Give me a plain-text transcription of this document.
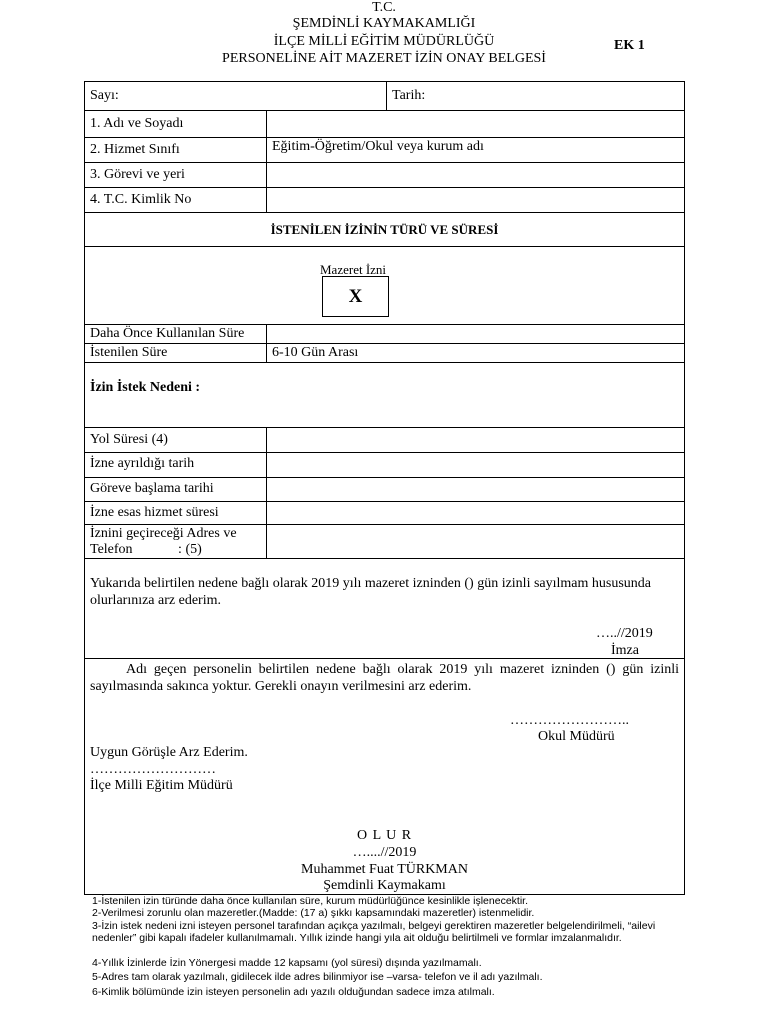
T.C.
ŞEMDİNLİ KAYMAKAMLIĞI
İLÇE MİLLİ EĞİTİM MÜDÜRLÜĞÜ
PERSONELİNE AİT MAZERET İZİN ONAY BELGESİ
EK 1
Sayı:	Tarih:
1. Adı ve Soyadı
2. Hizmet Sınıfı	Eğitim-Öğretim/Okul veya kurum adı
3. Görevi ve yeri
4. T.C. Kimlik No
İSTENİLEN İZİNİN TÜRÜ VE SÜRESİ
Mazeret İzni
X
Daha Önce Kullanılan Süre
İstenilen Süre	6-10 Gün Arası
İzin İstek Nedeni :
Yol Süresi (4)
İzne ayrıldığı tarih
Göreve başlama tarihi
İzne esas hizmet süresi
İznini geçireceği Adres ve
Telefon             : (5)
Yukarıda belirtilen nedene bağlı olarak 2019 yılı mazeret izninden () gün izinli sayılmam hususunda olurlarınıza arz ederim.
…..//2019
İmza
Adı geçen personelin belirtilen nedene bağlı olarak 2019 yılı mazeret izninden () gün izinli sayılmasında sakınca yoktur. Gerekli onayın verilmesini arz ederim.
……………………..
Okul Müdürü
Uygun Görüşle Arz Ederim.
………………………
İlçe Milli Eğitim Müdürü
O L U R
…....//2019
Muhammet Fuat TÜRKMAN
Şemdinli Kaymakamı
1-İstenilen izin türünde daha önce kullanılan süre, kurum müdürlüğünce kesinlikle işlenecektir.
2-Verilmesi zorunlu olan mazeretler.(Madde: (17 a) şıkkı kapsamındaki mazeretler) istenmelidir.
3-İzin istek nedeni izni isteyen personel tarafından açıkça yazılmalı, belgeyi gerektiren mazeretler belgelendirilmeli, “ailevi nedenler” gibi kapalı ifadeler kullanılmamalı. Yıllık izinde hangi yıla ait olduğu belirtilmeli ve formlar imzalanmalıdır.
4-Yıllık İzinlerde İzin Yönergesi madde 12 kapsamı (yol süresi) dışında yazılmamalı.
5-Adres tam olarak yazılmalı, gidilecek ilde adres bilinmiyor ise –varsa- telefon ve il adı yazılmalı.
6-Kimlik bölümünde izin isteyen personelin adı yazılı olduğundan sadece imza atılmalı.
